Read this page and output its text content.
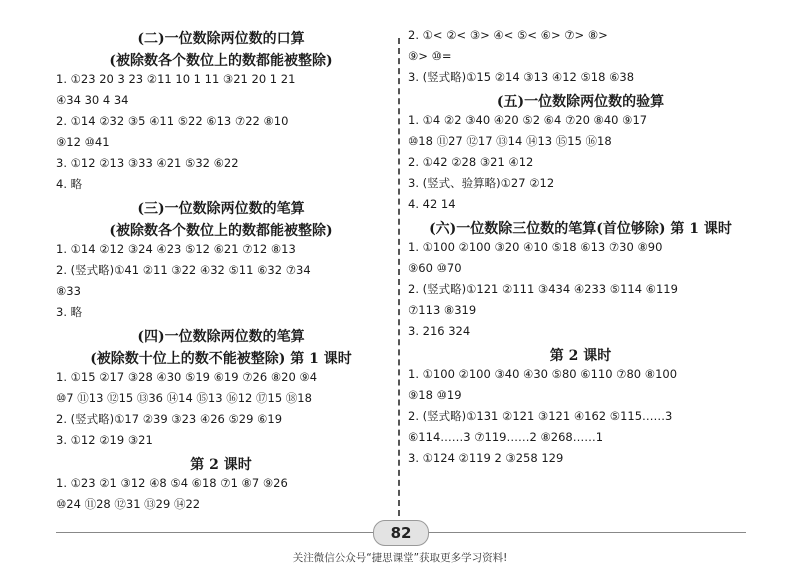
(二)一位数除两位数的口算
(被除数各个数位上的数都能被整除)
1. ①23 20 3 23 ②11 10 1 11 ③21 20 1 21
④34 30 4 34
2. ①14 ②32 ③5 ④11 ⑤22 ⑥13 ⑦22 ⑧10
⑨12 ⑩41
3. ①12 ②13 ③33 ④21 ⑤32 ⑥22
4. 略
(三)一位数除两位数的笔算
(被除数各个数位上的数都能被整除)
1. ①14 ②12 ③24 ④23 ⑤12 ⑥21 ⑦12 ⑧13
2. (竖式略)①41 ②11 ③22 ④32 ⑤11 ⑥32 ⑦34
⑧33
3. 略
(四)一位数除两位数的笔算
(被除数十位上的数不能被整除) 第 1 课时
1. ①15 ②17 ③28 ④30 ⑤19 ⑥19 ⑦26 ⑧20 ⑨4
⑩7 ⑪13 ⑫15 ⑬36 ⑭14 ⑮13 ⑯12 ⑰15 ⑱18
2. (竖式略)①17 ②39 ③23 ④26 ⑤29 ⑥19
3. ①12 ②19 ③21
第 2 课时
1. ①23 ②1 ③12 ④8 ⑤4 ⑥18 ⑦1 ⑧7 ⑨26
⑩24 ⑪28 ⑫31 ⑬29 ⑭22
2. ①< ②< ③> ④< ⑤< ⑥> ⑦> ⑧>
⑨> ⑩=
3. (竖式略)①15 ②14 ③13 ④12 ⑤18 ⑥38
(五)一位数除两位数的验算
1. ①4 ②2 ③40 ④20 ⑤2 ⑥4 ⑦20 ⑧40 ⑨17
⑩18 ⑪27 ⑫17 ⑬14 ⑭13 ⑮15 ⑯18
2. ①42 ②28 ③21 ④12
3. (竖式、验算略)①27 ②12
4. 42 14
(六)一位数除三位数的笔算(首位够除) 第 1 课时
1. ①100 ②100 ③20 ④10 ⑤18 ⑥13 ⑦30 ⑧90
⑨60 ⑩70
2. (竖式略)①121 ②111 ③434 ④233 ⑤114 ⑥119
⑦113 ⑧319
3. 216 324
第 2 课时
1. ①100 ②100 ③40 ④30 ⑤80 ⑥110 ⑦80 ⑧100
⑨18 ⑩19
2. (竖式略)①131 ②121 ③121 ④162 ⑤115……3
⑥114……3 ⑦119……2 ⑧268……1
3. ①124 ②119 2 ③258 129
82
关注微信公众号“捷思课堂”获取更多学习资料!
